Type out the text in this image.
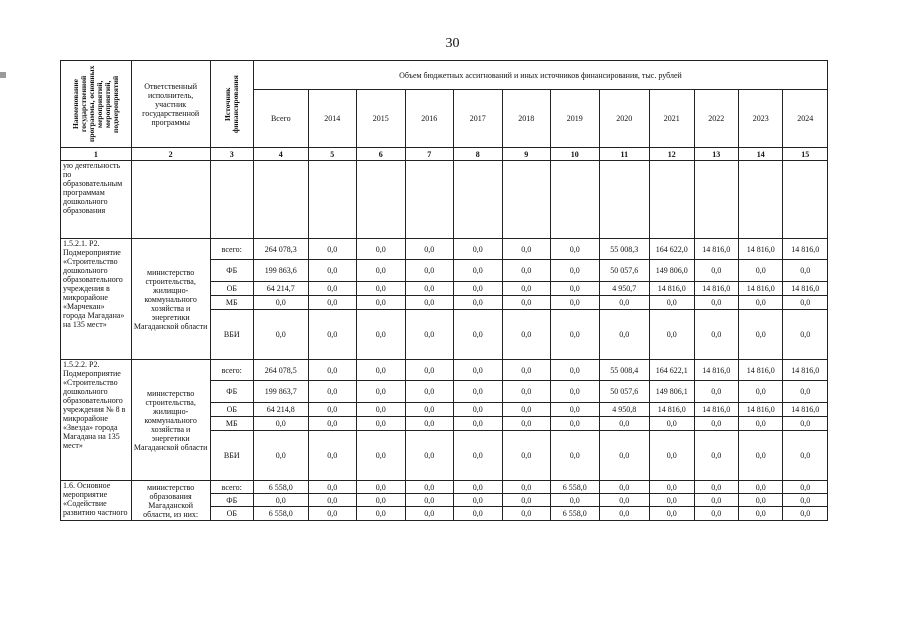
30
Наименование государственной программы, основных мероприятий, мероприятий, подмероприятий	Ответственный исполнитель, участник государственной программы	Источник финансирования	Объем бюджетных ассигнований и иных источников финансирования, тыс. рублей											
			Всего	2014	2015	2016	2017	2018	2019	2020	2021	2022	2023	2024
1	2	3	4	5	6	7	8	9	10	11	12	13	14	15
ую деятельность по образовательным программам дошкольного образования														
1.5.2.1. Р2. Подмероприятие «Строительство дошкольного образовательного учреждения в микрорайоне «Марчекан» города Магадана» на 135 мест»	министерство строительства, жилищно-коммунального хозяйства и энергетики Магаданской области	всего:	264 078,3	0,0	0,0	0,0	0,0	0,0	0,0	55 008,3	164 622,0	14 816,0	14 816,0	14 816,0
		ФБ	199 863,6	0,0	0,0	0,0	0,0	0,0	0,0	50 057,6	149 806,0	0,0	0,0	0,0
		ОБ	64 214,7	0,0	0,0	0,0	0,0	0,0	0,0	4 950,7	14 816,0	14 816,0	14 816,0	14 816,0
		МБ	0,0	0,0	0,0	0,0	0,0	0,0	0,0	0,0	0,0	0,0	0,0	0,0
		ВБИ	0,0	0,0	0,0	0,0	0,0	0,0	0,0	0,0	0,0	0,0	0,0	0,0
1.5.2.2. Р2. Подмероприятие «Строительство дошкольного образовательного учреждения № 8 в микрорайоне «Звезда» города Магадана на 135 мест»	министерство строительства, жилищно-коммунального хозяйства и энергетики Магаданской области	всего:	264 078,5	0,0	0,0	0,0	0,0	0,0	0,0	55 008,4	164 622,1	14 816,0	14 816,0	14 816,0
		ФБ	199 863,7	0,0	0,0	0,0	0,0	0,0	0,0	50 057,6	149 806,1	0,0	0,0	0,0
		ОБ	64 214,8	0,0	0,0	0,0	0,0	0,0	0,0	4 950,8	14 816,0	14 816,0	14 816,0	14 816,0
		МБ	0,0	0,0	0,0	0,0	0,0	0,0	0,0	0,0	0,0	0,0	0,0	0,0
		ВБИ	0,0	0,0	0,0	0,0	0,0	0,0	0,0	0,0	0,0	0,0	0,0	0,0
1.6. Основное мероприятие «Содействие развитию частного	министерство образования Магаданской области, из них:	всего:	6 558,0	0,0	0,0	0,0	0,0	0,0	6 558,0	0,0	0,0	0,0	0,0	0,0
		ФБ	0,0	0,0	0,0	0,0	0,0	0,0	0,0	0,0	0,0	0,0	0,0	0,0
		ОБ	6 558,0	0,0	0,0	0,0	0,0	0,0	6 558,0	0,0	0,0	0,0	0,0	0,0
